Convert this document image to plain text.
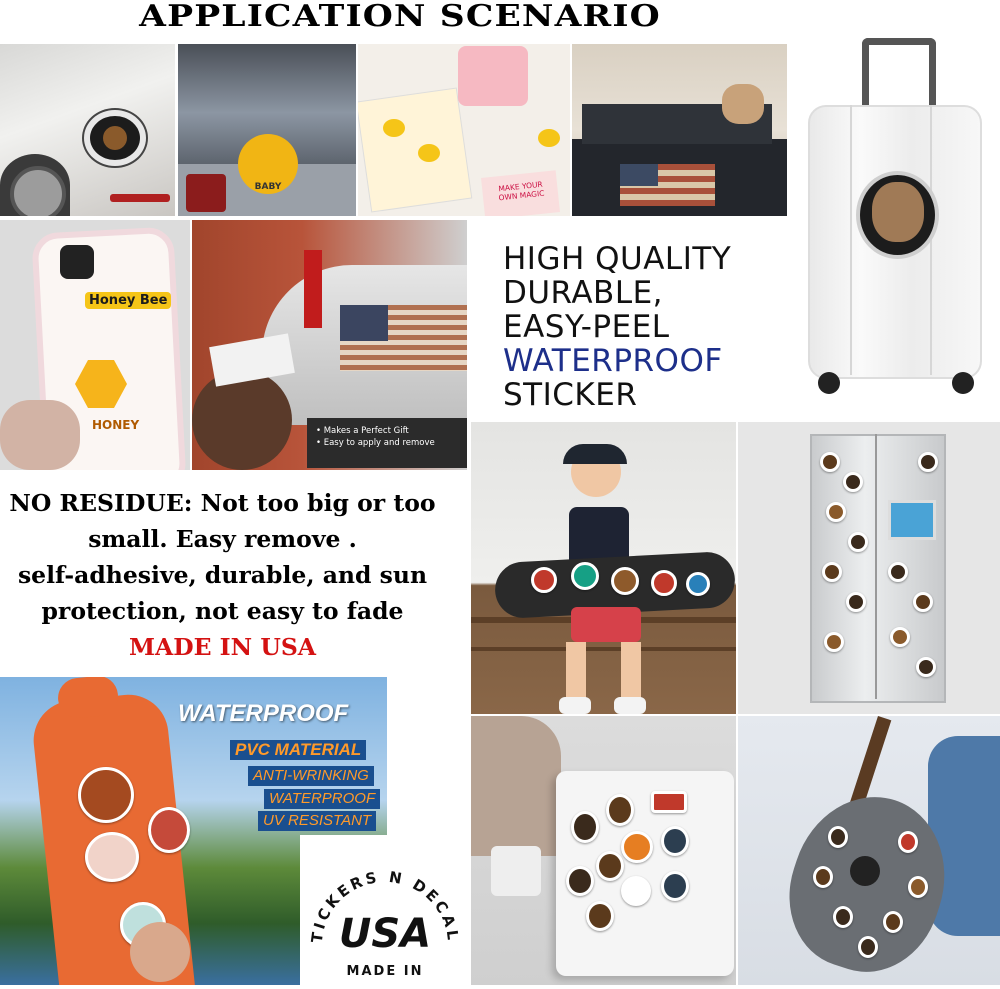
APPLICATION SCENARIO
BABY	MAKE YOUR OWN MAGIC
Honey Bee
HONEY	• Makes a Perfect Gift
• Easy to apply and remove
HIGH QUALITY
DURABLE,
EASY-PEEL
WATERPROOF
STICKER
NO RESIDUE: Not too big or too
small. Easy remove .
self-adhesive, durable, and sun
protection, not easy to fade
MADE IN USA
WATERPROOF
PVC MATERIAL
ANTI-WRINKING
WATERPROOF
UV RESISTANT
TICKERS N DECAL
USA
MADE IN
